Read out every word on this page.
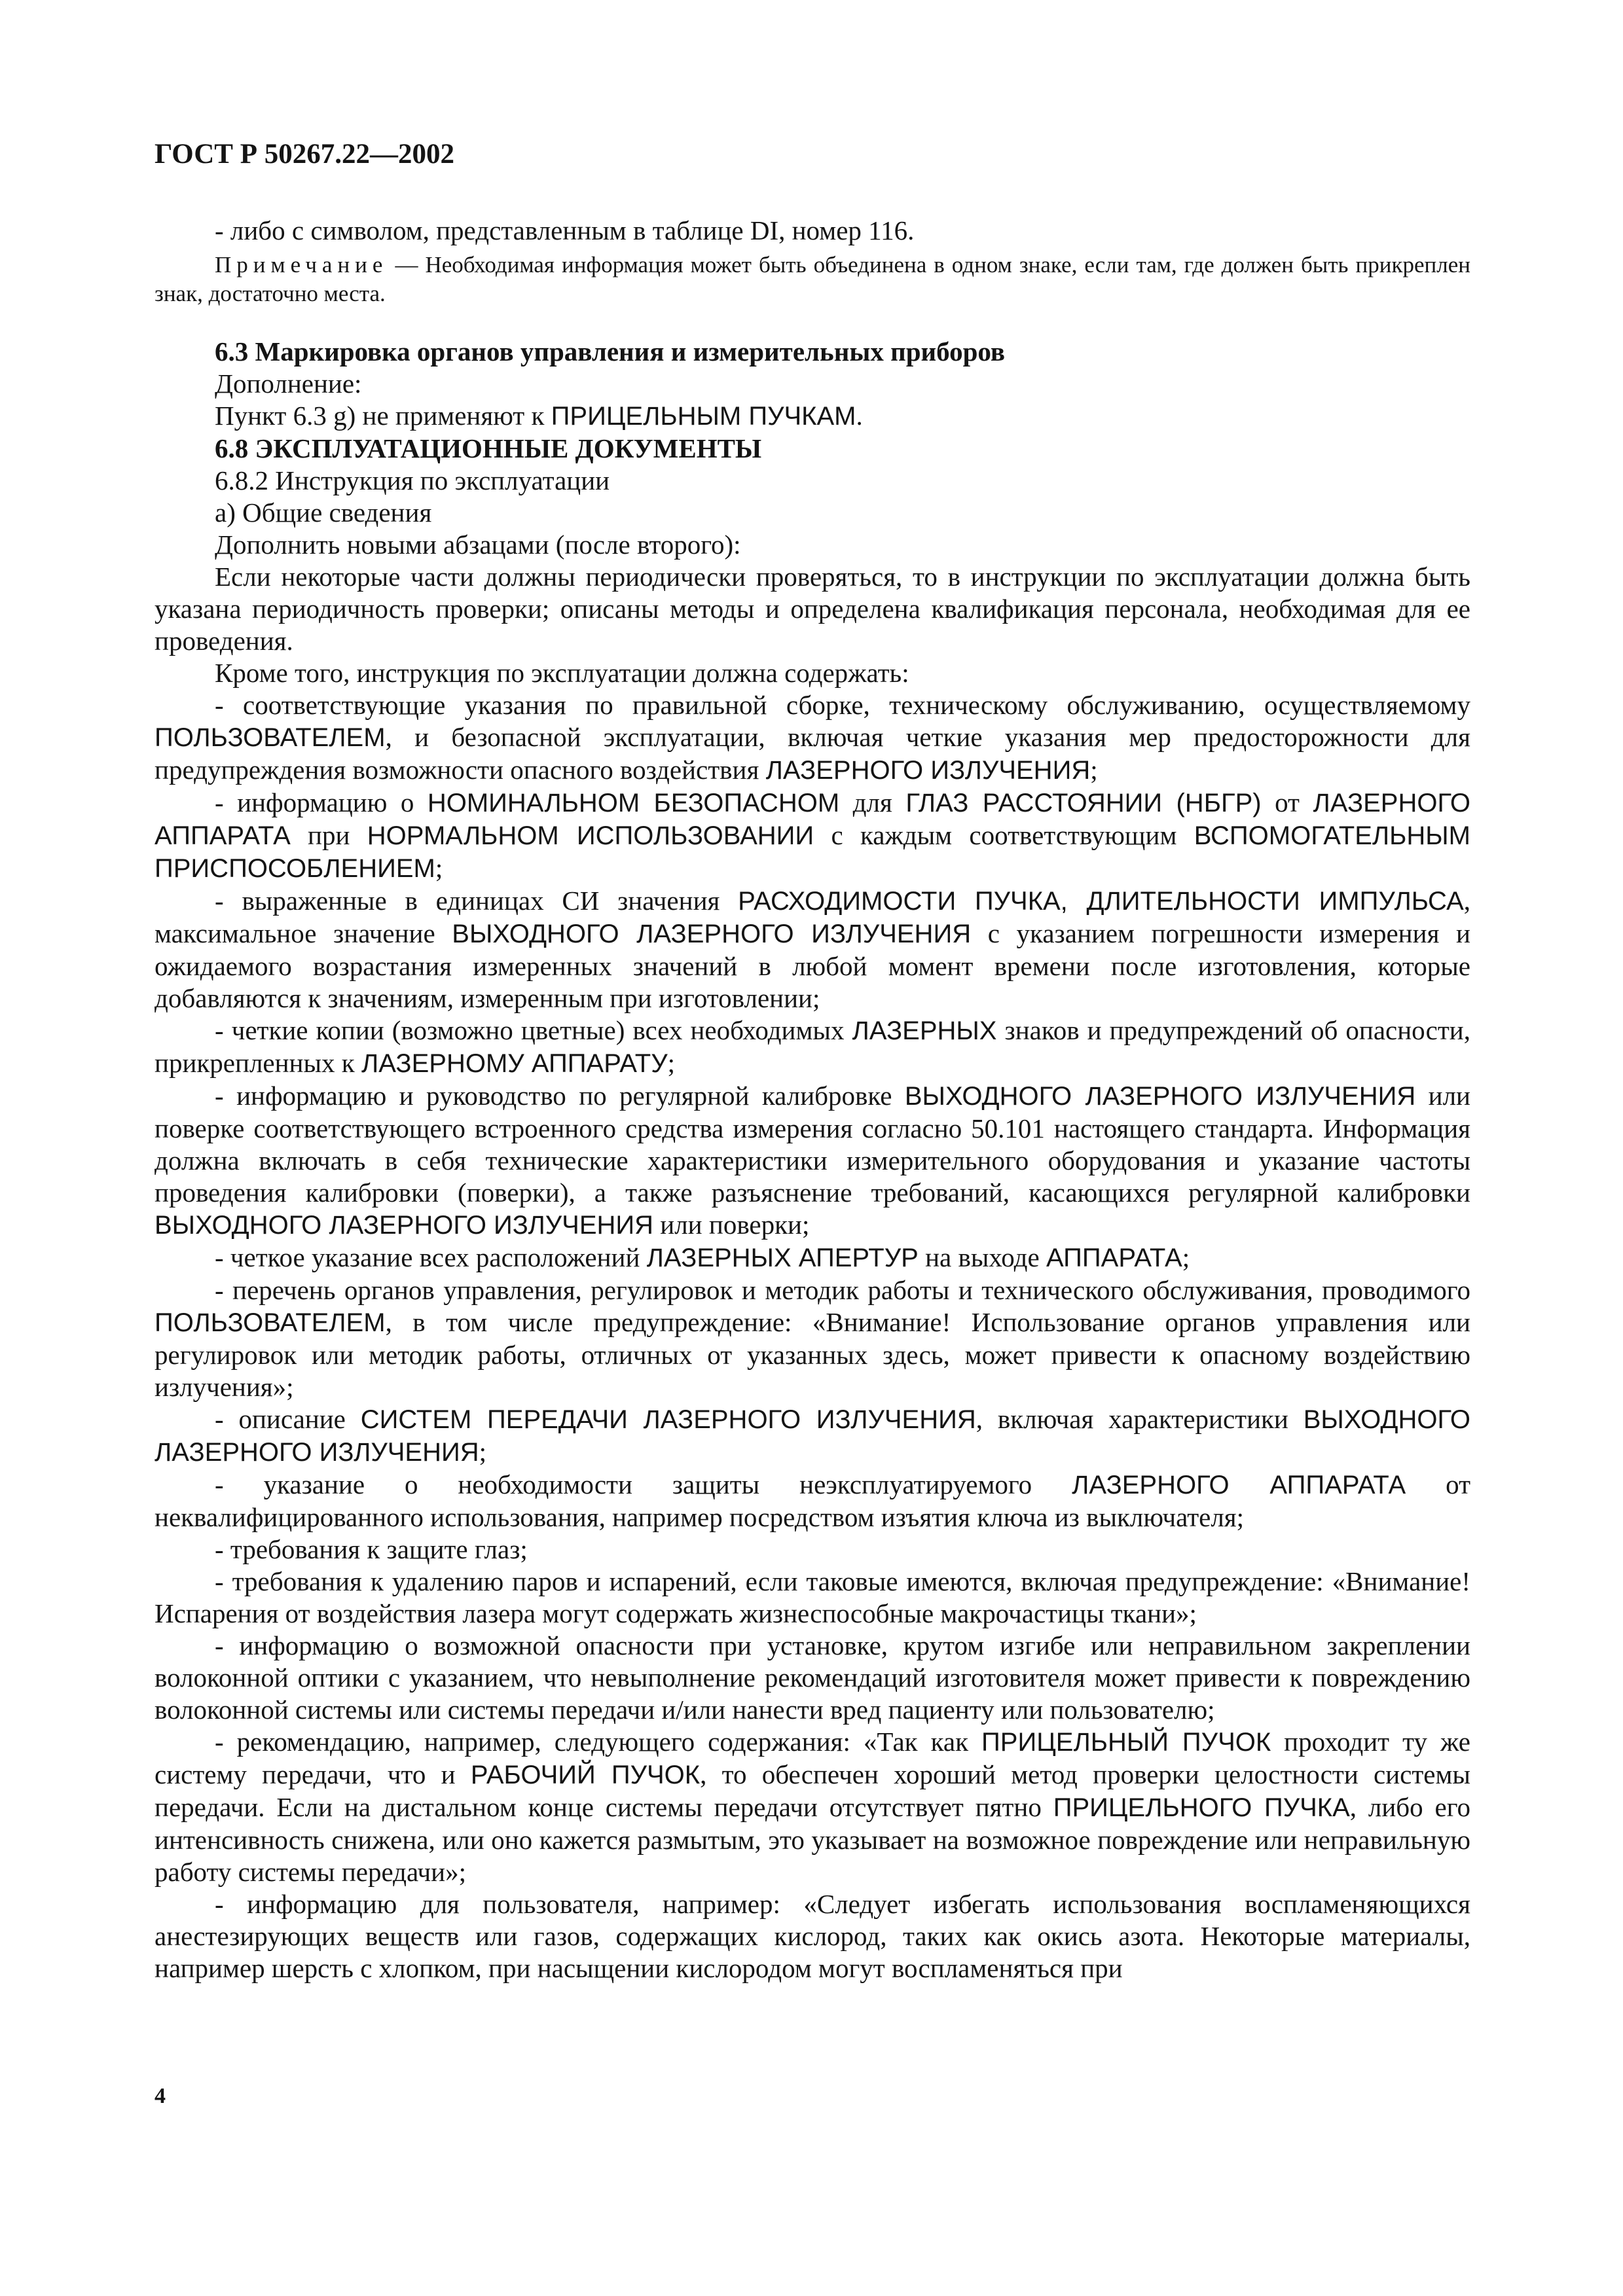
ГОСТ Р 50267.22—2002

- либо с символом, представленным в таблице DI, номер 116.

Примечание — Необходимая информация может быть объединена в одном знаке, если там, где должен быть прикреплен знак, достаточно места.

6.3 Маркировка органов управления и измерительных приборов

Дополнение:

Пункт 6.3 g) не применяют к ПРИЦЕЛЬНЫМ ПУЧКАМ.

6.8 ЭКСПЛУАТАЦИОННЫЕ ДОКУМЕНТЫ

6.8.2 Инструкция по эксплуатации

а) Общие сведения

Дополнить новыми абзацами (после второго):

Если некоторые части должны периодически проверяться, то в инструкции по эксплуатации должна быть указана периодичность проверки; описаны методы и определена квалификация персонала, необходимая для ее проведения.

Кроме того, инструкция по эксплуатации должна содержать:

- соответствующие указания по правильной сборке, техническому обслуживанию, осуществляемому ПОЛЬЗОВАТЕЛЕМ, и безопасной эксплуатации, включая четкие указания мер предосторожности для предупреждения возможности опасного воздействия ЛАЗЕРНОГО ИЗЛУЧЕНИЯ;

- информацию о НОМИНАЛЬНОМ БЕЗОПАСНОМ для ГЛАЗ РАССТОЯНИИ (НБГР) от ЛАЗЕРНОГО АППАРАТА при НОРМАЛЬНОМ ИСПОЛЬЗОВАНИИ с каждым соответствующим ВСПОМОГАТЕЛЬНЫМ ПРИСПОСОБЛЕНИЕМ;

- выраженные в единицах СИ значения РАСХОДИМОСТИ ПУЧКА, ДЛИТЕЛЬНОСТИ ИМПУЛЬСА, максимальное значение ВЫХОДНОГО ЛАЗЕРНОГО ИЗЛУЧЕНИЯ с указанием погрешности измерения и ожидаемого возрастания измеренных значений в любой момент времени после изготовления, которые добавляются к значениям, измеренным при изготовлении;

- четкие копии (возможно цветные) всех необходимых ЛАЗЕРНЫХ знаков и предупреждений об опасности, прикрепленных к ЛАЗЕРНОМУ АППАРАТУ;

- информацию и руководство по регулярной калибровке ВЫХОДНОГО ЛАЗЕРНОГО ИЗЛУЧЕНИЯ или поверке соответствующего встроенного средства измерения согласно 50.101 настоящего стандарта. Информация должна включать в себя технические характеристики измерительного оборудования и указание частоты проведения калибровки (поверки), а также разъяснение требований, касающихся регулярной калибровки ВЫХОДНОГО ЛАЗЕРНОГО ИЗЛУЧЕНИЯ или поверки;

- четкое указание всех расположений ЛАЗЕРНЫХ АПЕРТУР на выходе АППАРАТА;

- перечень органов управления, регулировок и методик работы и технического обслуживания, проводимого ПОЛЬЗОВАТЕЛЕМ, в том числе предупреждение: «Внимание! Использование органов управления или регулировок или методик работы, отличных от указанных здесь, может привести к опасному воздействию излучения»;

- описание СИСТЕМ ПЕРЕДАЧИ ЛАЗЕРНОГО ИЗЛУЧЕНИЯ, включая характеристики ВЫХОДНОГО ЛАЗЕРНОГО ИЗЛУЧЕНИЯ;

- указание о необходимости защиты неэксплуатируемого ЛАЗЕРНОГО АППАРАТА от неквалифицированного использования, например посредством изъятия ключа из выключателя;

- требования к защите глаз;

- требования к удалению паров и испарений, если таковые имеются, включая предупреждение: «Внимание! Испарения от воздействия лазера могут содержать жизнеспособные макрочастицы ткани»;

- информацию о возможной опасности при установке, крутом изгибе или неправильном закреплении волоконной оптики с указанием, что невыполнение рекомендаций изготовителя может привести к повреждению волоконной системы или системы передачи и/или нанести вред пациенту или пользователю;

- рекомендацию, например, следующего содержания: «Так как ПРИЦЕЛЬНЫЙ ПУЧОК проходит ту же систему передачи, что и РАБОЧИЙ ПУЧОК, то обеспечен хороший метод проверки целостности системы передачи. Если на дистальном конце системы передачи отсутствует пятно ПРИЦЕЛЬНОГО ПУЧКА, либо его интенсивность снижена, или оно кажется размытым, это указывает на возможное повреждение или неправильную работу системы передачи»;

- информацию для пользователя, например: «Следует избегать использования воспламеняющихся анестезирующих веществ или газов, содержащих кислород, таких как окись азота. Некоторые материалы, например шерсть с хлопком, при насыщении кислородом могут воспламеняться при

4
